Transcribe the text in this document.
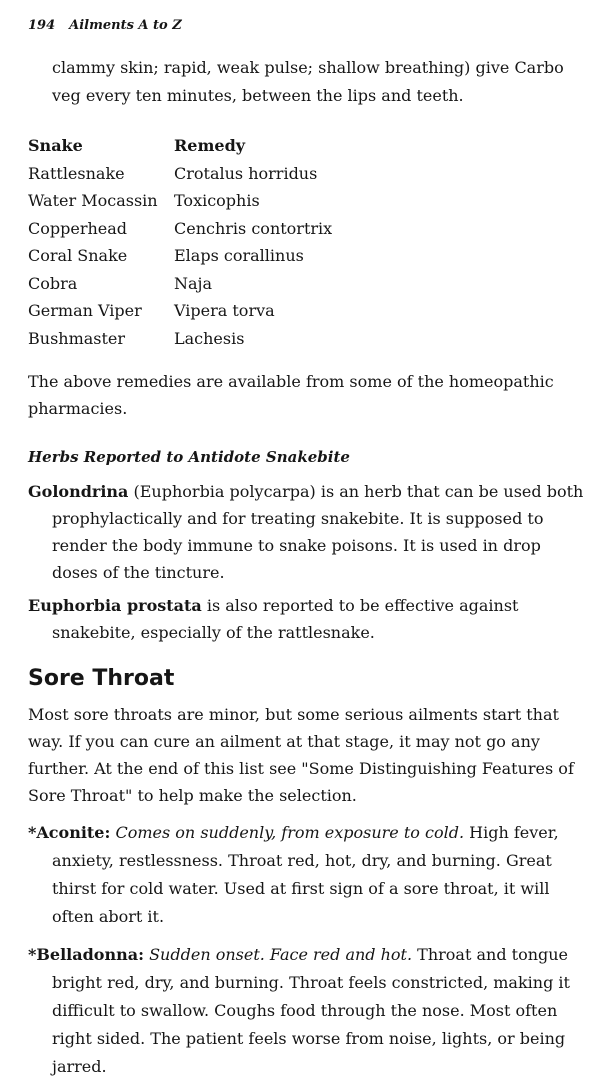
194 Ailments A to Z

clammy skin; rapid, weak pulse; shallow breathing) give Carbo veg every ten minutes, between the lips and teeth.

Snake	Remedy
Rattlesnake	Crotalus horridus
Water Mocassin	Toxicophis
Copperhead	Cenchris contortrix
Coral Snake	Elaps corallinus
Cobra	Naja
German Viper	Vipera torva
Bushmaster	Lachesis

The above remedies are available from some of the homeopathic pharmacies.

Herbs Reported to Antidote Snakebite

Golondrina (Euphorbia polycarpa) is an herb that can be used both prophylactically and for treating snakebite. It is supposed to render the body immune to snake poisons. It is used in drop doses of the tincture.

Euphorbia prostata is also reported to be effective against snakebite, especially of the rattlesnake.

Sore Throat

Most sore throats are minor, but some serious ailments start that way. If you can cure an ailment at that stage, it may not go any further. At the end of this list see "Some Distinguishing Features of Sore Throat" to help make the selection.

*Aconite: Comes on suddenly, from exposure to cold. High fever, anxiety, restlessness. Throat red, hot, dry, and burning. Great thirst for cold water. Used at first sign of a sore throat, it will often abort it.

*Belladonna: Sudden onset. Face red and hot. Throat and tongue bright red, dry, and burning. Throat feels constricted, making it difficult to swallow. Coughs food through the nose. Most often right sided. The patient feels worse from noise, lights, or being jarred.
